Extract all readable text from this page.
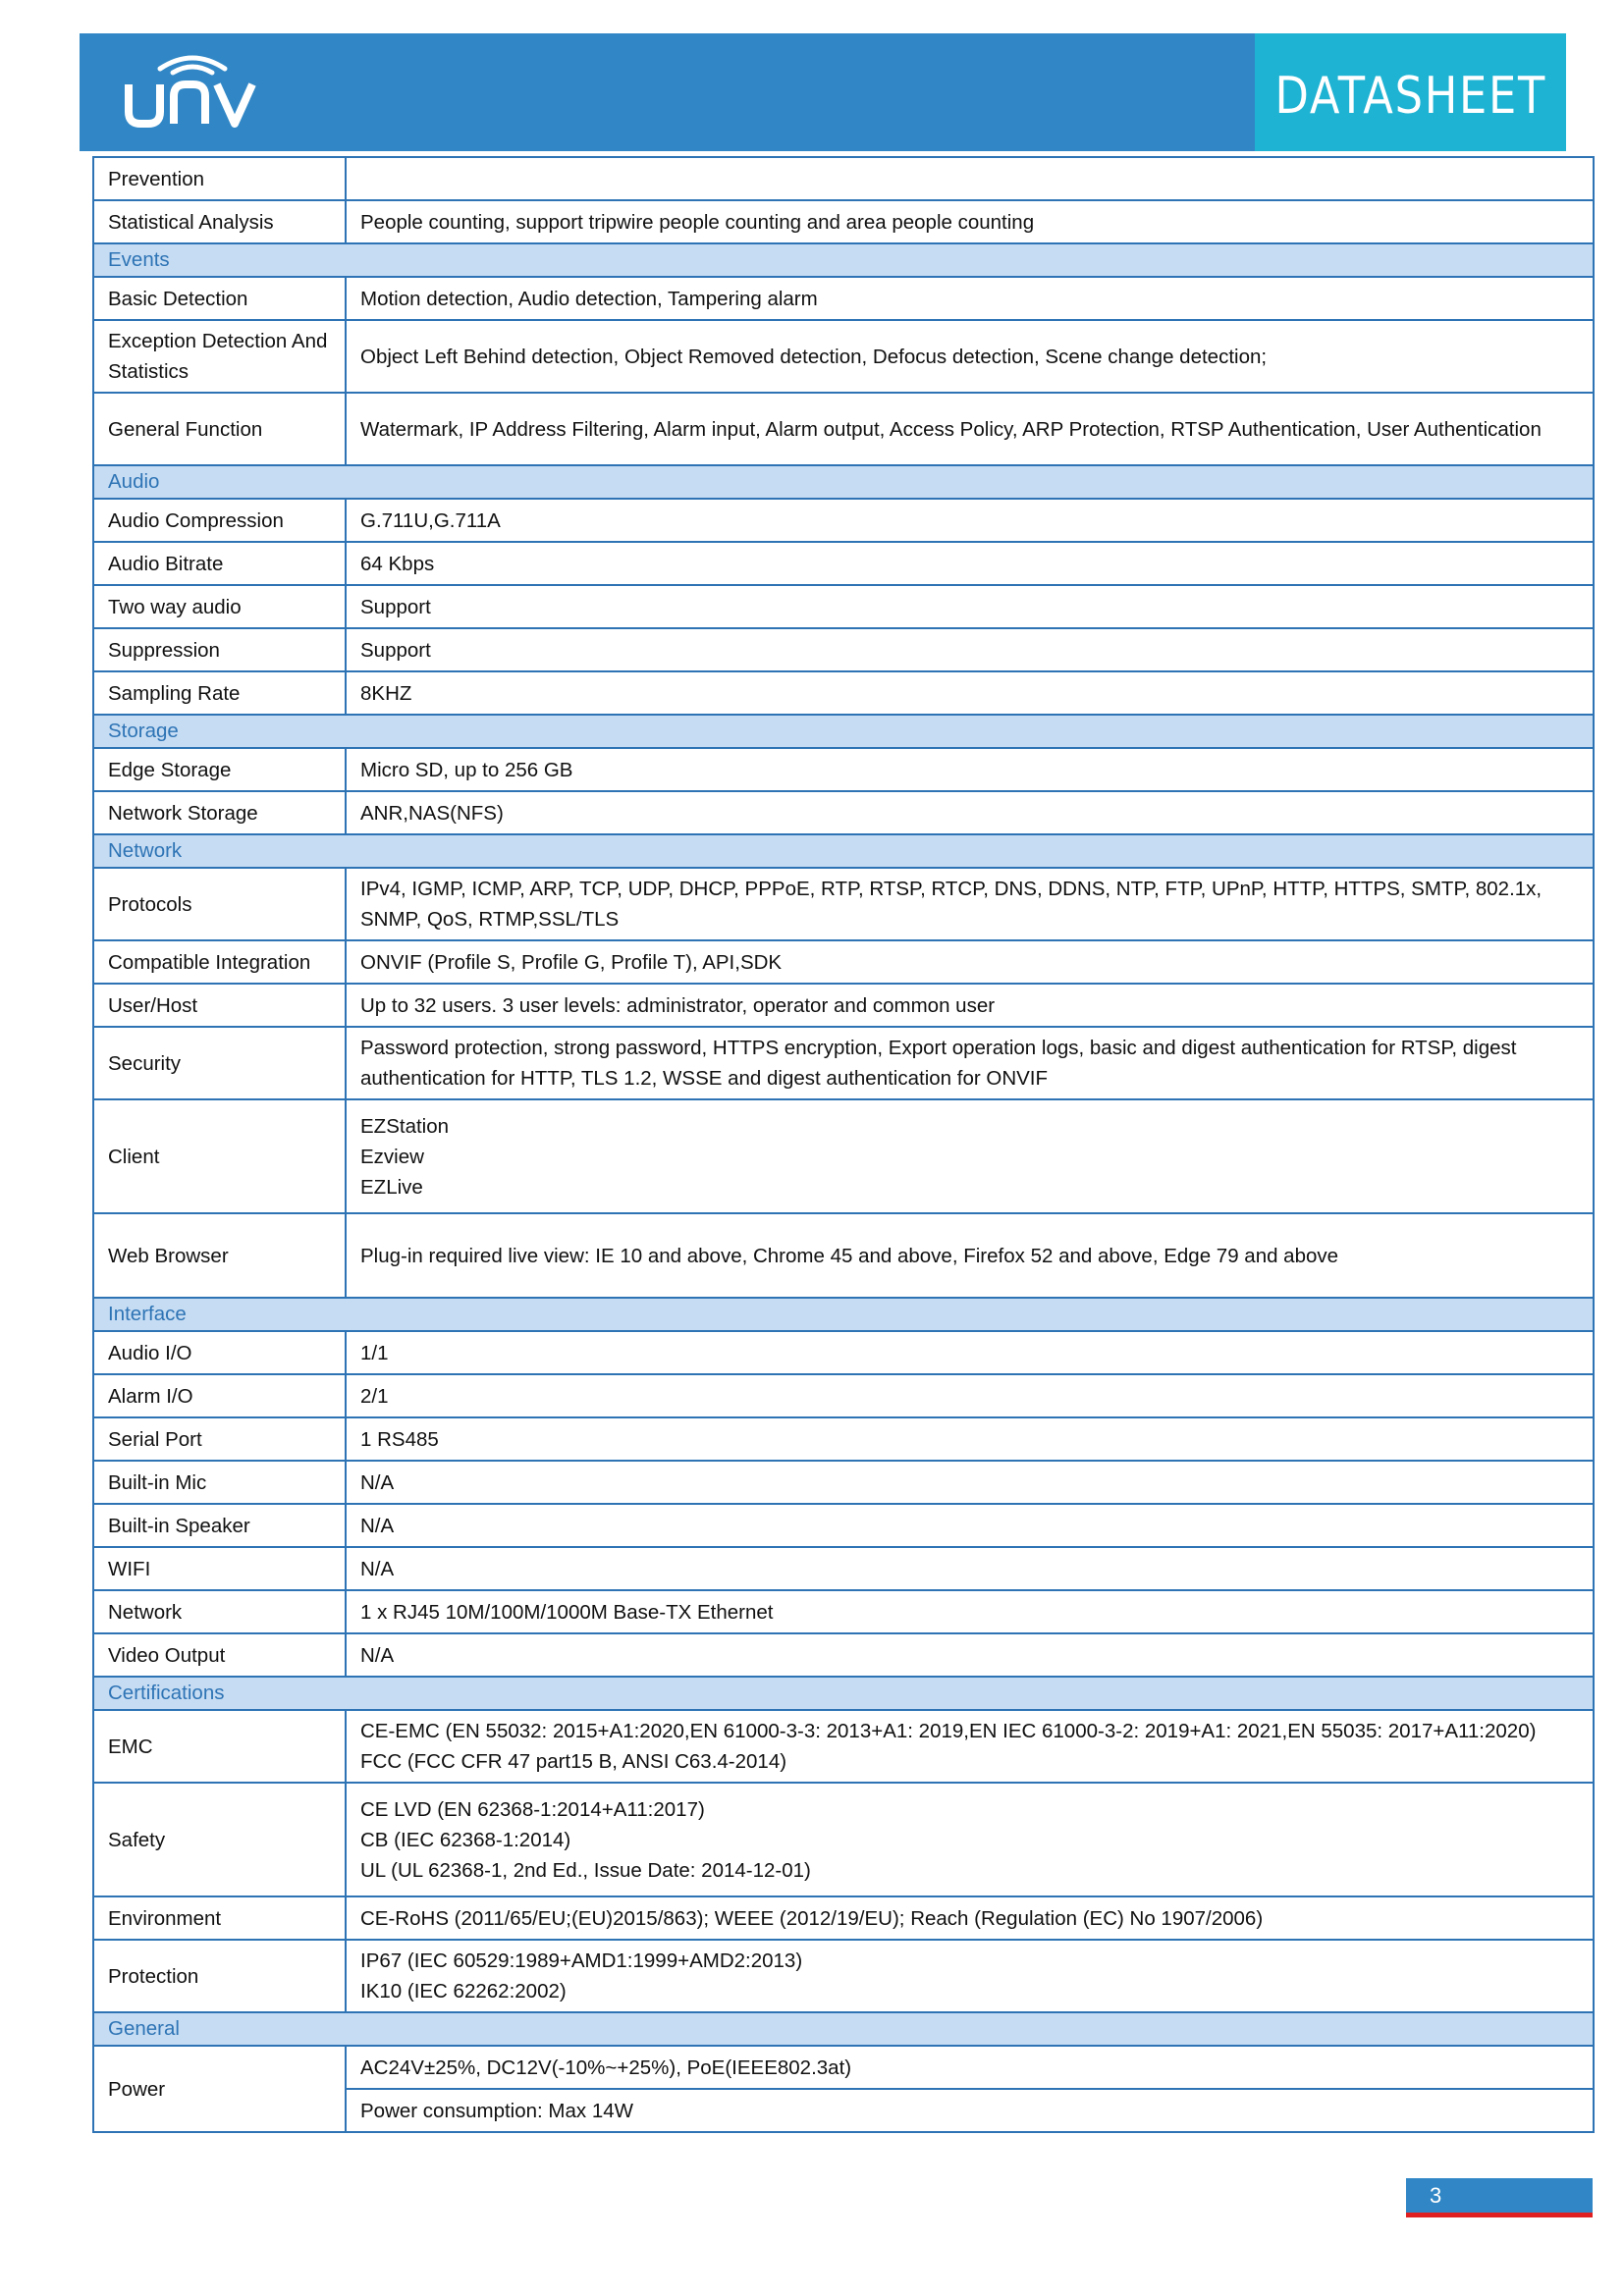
DATASHEET
Prevention	
Statistical Analysis	People counting, support tripwire people counting and area people counting
Events	
Basic Detection	Motion detection, Audio detection, Tampering alarm
Exception Detection And Statistics	Object Left Behind detection, Object Removed detection, Defocus detection, Scene change detection;
General Function	Watermark, IP Address Filtering, Alarm input, Alarm output, Access Policy, ARP Protection, RTSP Authentication, User Authentication
Audio	
Audio Compression	G.711U,G.711A
Audio Bitrate	64 Kbps
Two way audio	Support
Suppression	Support
Sampling Rate	8KHZ
Storage	
Edge Storage	Micro SD, up to 256 GB
Network Storage	ANR,NAS(NFS)
Network	
Protocols	IPv4, IGMP, ICMP, ARP, TCP, UDP, DHCP, PPPoE, RTP, RTSP, RTCP, DNS, DDNS, NTP, FTP, UPnP, HTTP, HTTPS, SMTP, 802.1x, SNMP, QoS, RTMP,SSL/TLS
Compatible Integration	ONVIF (Profile S, Profile G, Profile T), API,SDK
User/Host	Up to 32 users. 3 user levels: administrator, operator and common user
Security	Password protection, strong password, HTTPS encryption, Export operation logs, basic and digest authentication for RTSP, digest authentication for HTTP, TLS 1.2, WSSE and digest authentication for ONVIF
Client	EZStation
Ezview
EZLive

Web Browser	Plug-in required live view: IE 10 and above, Chrome 45 and above, Firefox 52 and above, Edge 79 and above
Interface	
Audio I/O	1/1
Alarm I/O	2/1
Serial Port	1 RS485
Built-in Mic	N/A
Built-in Speaker	N/A
WIFI	N/A
Network	1 x RJ45 10M/100M/1000M Base-TX Ethernet
Video Output	N/A
Certifications	
EMC	CE-EMC (EN 55032: 2015+A1:2020,EN 61000-3-3: 2013+A1: 2019,EN IEC 61000-3-2: 2019+A1: 2021,EN 55035: 2017+A11:2020)
FCC (FCC CFR 47 part15 B, ANSI C63.4-2014)

Safety	CE LVD (EN 62368-1:2014+A11:2017)
CB (IEC 62368-1:2014)
UL (UL 62368-1, 2nd Ed., Issue Date: 2014-12-01)

Environment	CE-RoHS (2011/65/EU;(EU)2015/863); WEEE (2012/19/EU); Reach (Regulation (EC) No 1907/2006)
Protection	IP67 (IEC 60529:1989+AMD1:1999+AMD2:2013)
IK10 (IEC 62262:2002)

General	
Power	AC24V±25%, DC12V(-10%~+25%), PoE(IEEE802.3at)
	Power consumption: Max 14W
3
